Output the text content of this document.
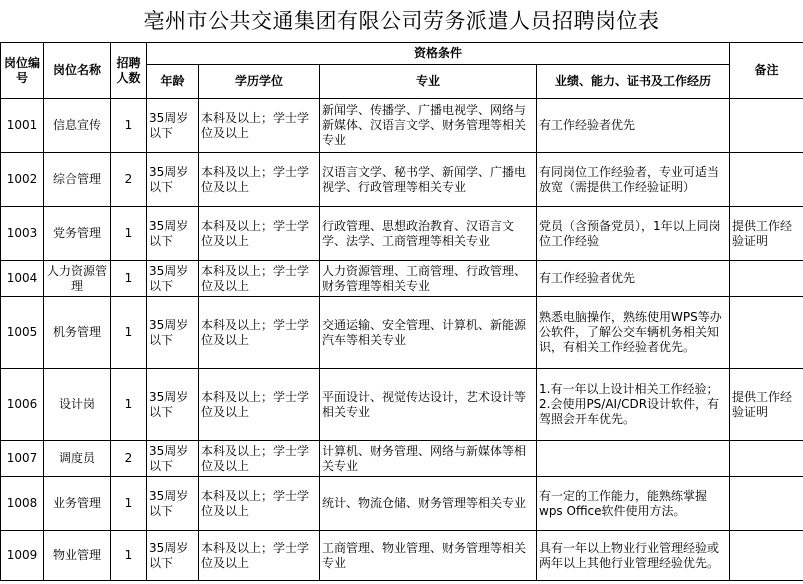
亳州市公共交通集团有限公司劳务派遣人员招聘岗位表
岗位编号	岗位名称	招聘人数	资格条件				备注
			年龄	学历学位	专业	业绩、能力、证书及工作经历	
1001	信息宣传	1	35周岁以下	本科及以上；学士学位及以上	新闻学、传播学、广播电视学、网络与新媒体、汉语言文学、财务管理等相关专业	有工作经验者优先	
1002	综合管理	2	35周岁以下	本科及以上；学士学位及以上	汉语言文学、秘书学、新闻学、广播电视学、行政管理等相关专业	有同岗位工作经验者，专业可适当放宽（需提供工作经验证明）	
1003	党务管理	1	35周岁以下	本科及以上；学士学位及以上	行政管理、思想政治教育、汉语言文学、法学、工商管理等相关专业	党员（含预备党员），1年以上同岗位工作经验	提供工作经验证明
1004	人力资源管理	1	35周岁以下	本科及以上；学士学位及以上	人力资源管理、工商管理、行政管理、财务管理等相关专业	有工作经验者优先	
1005	机务管理	1	35周岁以下	本科及以上；学士学位及以上	交通运输、安全管理、计算机、新能源汽车等相关专业	熟悉电脑操作，熟练使用WPS等办公软件，了解公交车辆机务相关知识，有相关工作经验者优先。	
1006	设计岗	1	35周岁以下	本科及以上；学士学位及以上	平面设计、视觉传达设计，艺术设计等相关专业	1.有一年以上设计相关工作经验；2.会使用PS/AI/CDR设计软件，有驾照会开车优先。	提供工作经验证明
1007	调度员	2	35周岁以下	本科及以上；学士学位及以上	计算机、财务管理、网络与新媒体等相关专业		
1008	业务管理	1	35周岁以下	本科及以上；学士学位及以上	统计、物流仓储、财务管理等相关专业	有一定的工作能力，能熟练掌握wps Office软件使用方法。	
1009	物业管理	1	35周岁以下	本科及以上；学士学位及以上	工商管理、物业管理、财务管理等相关专业	具有一年以上物业行业管理经验或两年以上其他行业管理经验优先。	
